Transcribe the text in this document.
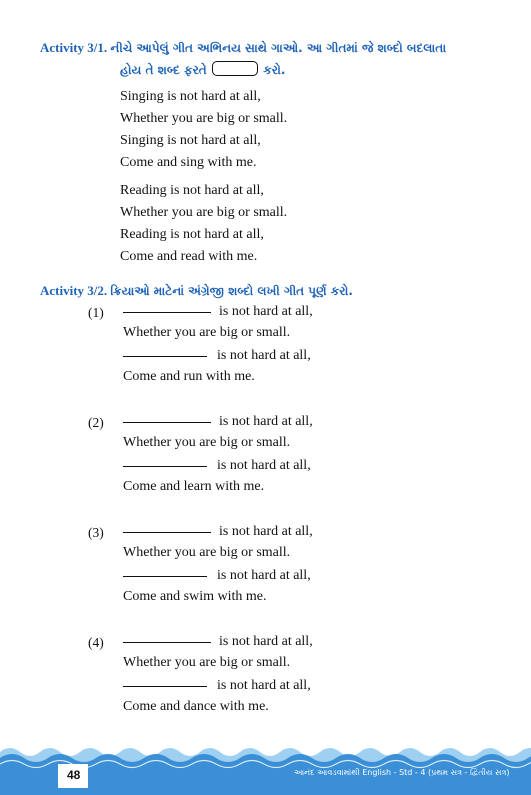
Activity 3/1. નીચે આપેલું ગીત અભિનય સાથે ગાઓ. આ ગીતમાં જે શબ્દો બદલાતા
હોય તે શબ્દ ફરતે	કરો.
Singing is not hard at all,
Whether you are big or small.
Singing is not hard at all,
Come and sing with me.
Reading is not hard at all,
Whether you are big or small.
Reading is not hard at all,
Come and read with me.
Activity 3/2. ક્રિયાઓ માટેનાં અંગ્રેજી શબ્દો લખી ગીત પૂર્ણ કરો.
(1)	is not hard at all,
Whether you are big or small.
is not hard at all,
Come and run with me.
(2)	is not hard at all,
Whether you are big or small.
is not hard at all,
Come and learn with me.
(3)	is not hard at all,
Whether you are big or small.
is not hard at all,
Come and swim with me.
(4)	is not hard at all,
Whether you are big or small.
is not hard at all,
Come and dance with me.
48	આનંદ આવડવામાંથી English - Std - 4 (પ્રથમ સત્ર - દ્વિતીય સત્ર)
